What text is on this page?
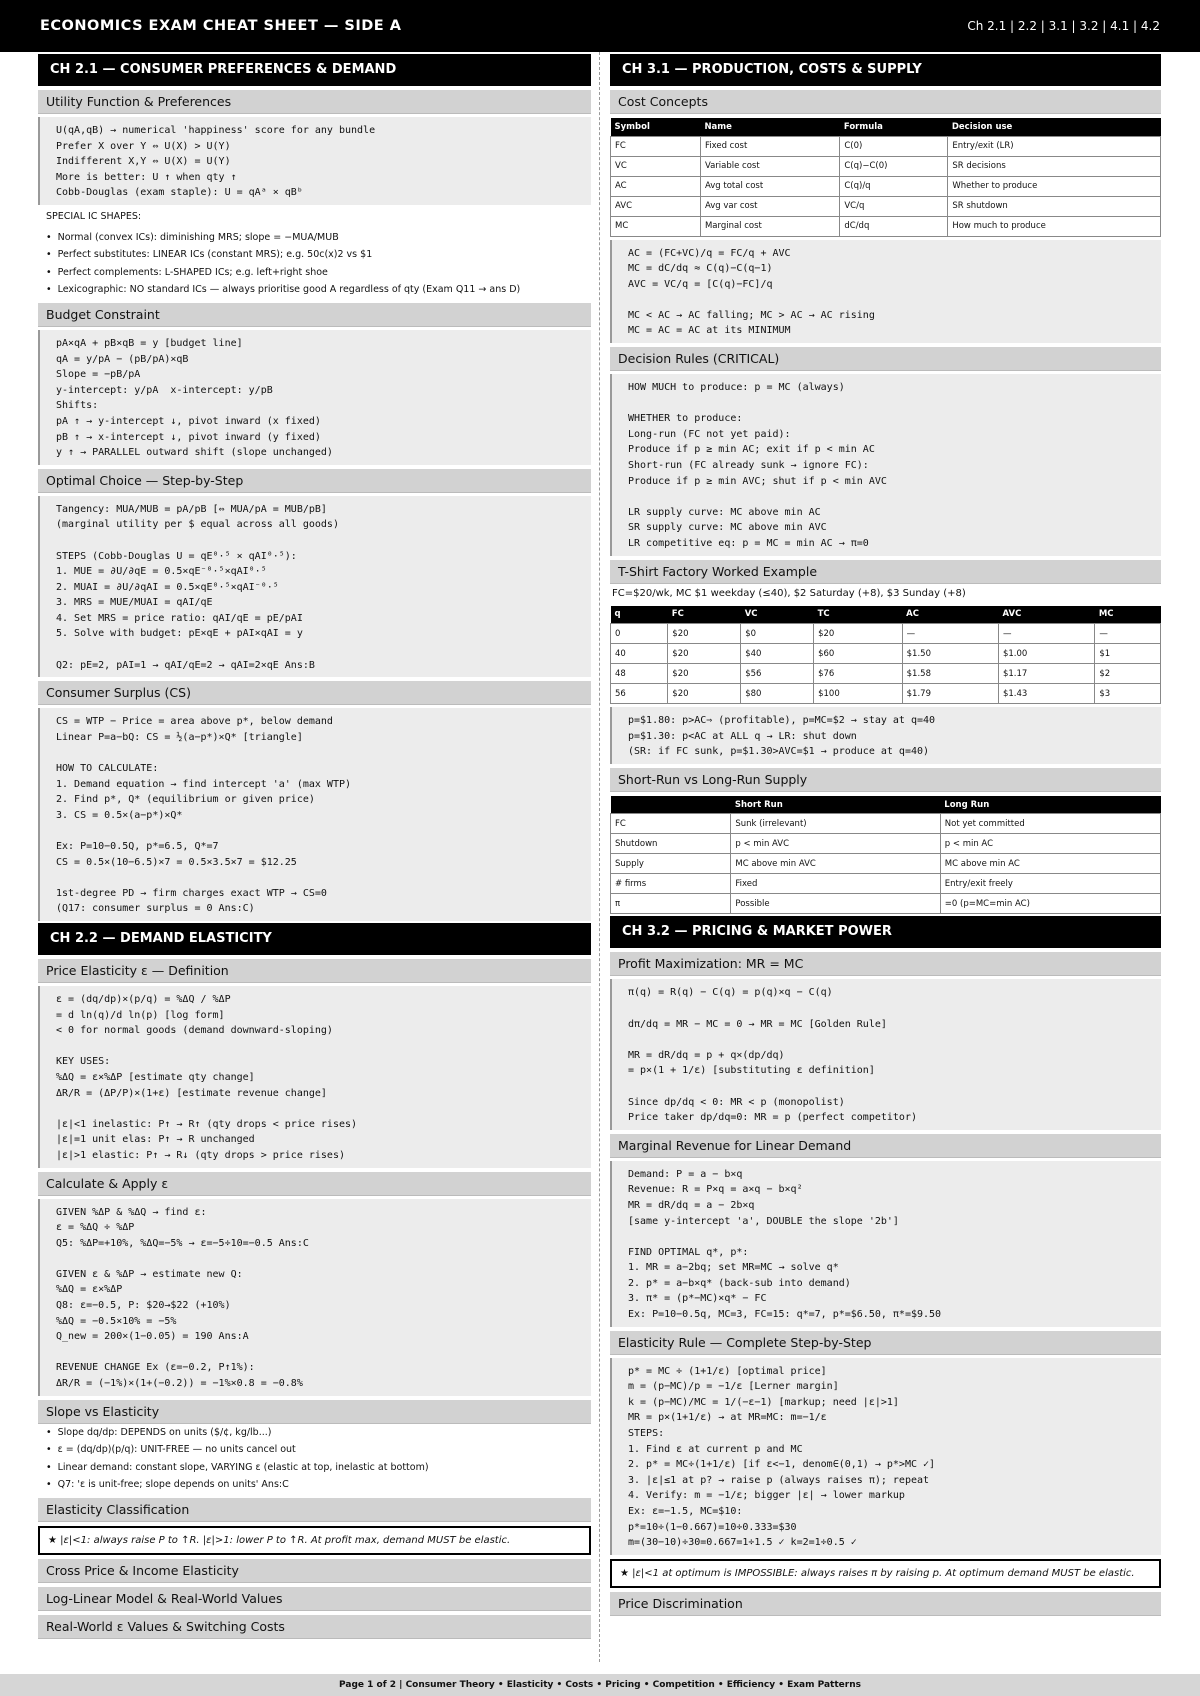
ECONOMICS EXAM CHEAT SHEET — SIDE A	Ch 2.1 | 2.2 | 3.1 | 3.2 | 4.1 | 4.2
CH 2.1 — CONSUMER PREFERENCES & DEMAND
Utility Function & Preferences
U(qA,qB) → numerical 'happiness' score for any bundle
Prefer X over Y ⇔ U(X) > U(Y)
Indifferent X,Y ⇔ U(X) = U(Y)
More is better: U ↑ when qty ↑
Cobb-Douglas (exam staple): U = qAᵃ × qBᵇ
SPECIAL IC SHAPES:
• Normal (convex ICs): diminishing MRS; slope = −MUA/MUB
• Perfect substitutes: LINEAR ICs (constant MRS); e.g. 50c(x)2 vs $1
• Perfect complements: L-SHAPED ICs; e.g. left+right shoe
• Lexicographic: NO standard ICs — always prioritise good A regardless of qty (Exam Q11 → ans D)
Budget Constraint
pA×qA + pB×qB = y [budget line]
qA = y/pA − (pB/pA)×qB
Slope = −pB/pA
y-intercept: y/pA  x-intercept: y/pB
Shifts:
pA ↑ → y-intercept ↓, pivot inward (x fixed)
pB ↑ → x-intercept ↓, pivot inward (y fixed)
y ↑ → PARALLEL outward shift (slope unchanged)
Optimal Choice — Step-by-Step
Tangency: MUA/MUB = pA/pB [⇔ MUA/pA = MUB/pB]
(marginal utility per $ equal across all goods)
STEPS (Cobb-Douglas U = qE⁰·⁵ × qAI⁰·⁵):
1. MUE = ∂U/∂qE = 0.5×qE⁻⁰·⁵×qAI⁰·⁵
2. MUAI = ∂U/∂qAI = 0.5×qE⁰·⁵×qAI⁻⁰·⁵
3. MRS = MUE/MUAI = qAI/qE
4. Set MRS = price ratio: qAI/qE = pE/pAI
5. Solve with budget: pE×qE + pAI×qAI = y
Q2: pE=2, pAI=1 → qAI/qE=2 → qAI=2×qE Ans:B
Consumer Surplus (CS)
CS = WTP − Price = area above p*, below demand
Linear P=a−bQ: CS = ½(a−p*)×Q* [triangle]
HOW TO CALCULATE:
1. Demand equation → find intercept 'a' (max WTP)
2. Find p*, Q* (equilibrium or given price)
3. CS = 0.5×(a−p*)×Q*
Ex: P=10−0.5Q, p*=6.5, Q*=7
CS = 0.5×(10−6.5)×7 = 0.5×3.5×7 = $12.25
1st-degree PD → firm charges exact WTP → CS=0
(Q17: consumer surplus = 0 Ans:C)
CH 2.2 — DEMAND ELASTICITY
Price Elasticity ε — Definition
ε = (dq/dp)×(p/q) = %ΔQ / %ΔP
= d ln(q)/d ln(p) [log form]
< 0 for normal goods (demand downward-sloping)
KEY USES:
%ΔQ = ε×%ΔP [estimate qty change]
ΔR/R = (ΔP/P)×(1+ε) [estimate revenue change]
|ε|<1 inelastic: P↑ → R↑ (qty drops < price rises)
|ε|=1 unit elas: P↑ → R unchanged
|ε|>1 elastic: P↑ → R↓ (qty drops > price rises)
Calculate & Apply ε
GIVEN %ΔP & %ΔQ → find ε:
ε = %ΔQ ÷ %ΔP
Q5: %ΔP=+10%, %ΔQ=−5% → ε=−5÷10=−0.5 Ans:C
GIVEN ε & %ΔP → estimate new Q:
%ΔQ = ε×%ΔP
Q8: ε=−0.5, P: $20→$22 (+10%)
%ΔQ = −0.5×10% = −5%
Q_new = 200×(1−0.05) = 190 Ans:A
REVENUE CHANGE Ex (ε=−0.2, P↑1%):
ΔR/R = (−1%)×(1+(−0.2)) = −1%×0.8 = −0.8%
Slope vs Elasticity
• Slope dq/dp: DEPENDS on units ($/¢, kg/lb...)
• ε = (dq/dp)(p/q): UNIT-FREE — no units cancel out
• Linear demand: constant slope, VARYING ε (elastic at top, inelastic at bottom)
• Q7: 'ε is unit-free; slope depends on units' Ans:C
Elasticity Classification
★ |ε|<1: always raise P to ↑R. |ε|>1: lower P to ↑R. At profit max, demand MUST be elastic.
Cross Price & Income Elasticity
Log-Linear Model & Real-World Values
Real-World ε Values & Switching Costs
CH 3.1 — PRODUCTION, COSTS & SUPPLY
Cost Concepts
Symbol	Name	Formula	Decision use
FC	Fixed cost	C(0)	Entry/exit (LR)
VC	Variable cost	C(q)−C(0)	SR decisions
AC	Avg total cost	C(q)/q	Whether to produce
AVC	Avg var cost	VC/q	SR shutdown
MC	Marginal cost	dC/dq	How much to produce
AC = (FC+VC)/q = FC/q + AVC
MC = dC/dq ≈ C(q)−C(q−1)
AVC = VC/q = [C(q)−FC]/q
MC < AC → AC falling; MC > AC → AC rising
MC = AC = AC at its MINIMUM
Decision Rules (CRITICAL)
HOW MUCH to produce: p = MC (always)
WHETHER to produce:
Long-run (FC not yet paid):
Produce if p ≥ min AC; exit if p < min AC
Short-run (FC already sunk → ignore FC):
Produce if p ≥ min AVC; shut if p < min AVC
LR supply curve: MC above min AC
SR supply curve: MC above min AVC
LR competitive eq: p = MC = min AC → π=0
T-Shirt Factory Worked Example
FC=$20/wk, MC $1 weekday (≤40), $2 Saturday (+8), $3 Sunday (+8)
q	FC	VC	TC	AC	AVC	MC
0	$20	$0	$20	—	—	—
40	$20	$40	$60	$1.50	$1.00	$1
48	$20	$56	$76	$1.58	$1.17	$2
56	$20	$80	$100	$1.79	$1.43	$3
p=$1.80: p>AC⇒ (profitable), p=MC=$2 → stay at q=40
p=$1.30: p<AC at ALL q → LR: shut down
(SR: if FC sunk, p=$1.30>AVC=$1 → produce at q=40)
Short-Run vs Long-Run Supply
	Short Run	Long Run
FC	Sunk (irrelevant)	Not yet committed
Shutdown	p < min AVC	p < min AC
Supply	MC above min AVC	MC above min AC
# firms	Fixed	Entry/exit freely
π	Possible	=0 (p=MC=min AC)
CH 3.2 — PRICING & MARKET POWER
Profit Maximization: MR = MC
π(q) = R(q) − C(q) = p(q)×q − C(q)
dπ/dq = MR − MC = 0 → MR = MC [Golden Rule]
MR = dR/dq = p + q×(dp/dq)
= p×(1 + 1/ε) [substituting ε definition]
Since dp/dq < 0: MR < p (monopolist)
Price taker dp/dq=0: MR = p (perfect competitor)
Marginal Revenue for Linear Demand
Demand: P = a − b×q
Revenue: R = P×q = a×q − b×q²
MR = dR/dq = a − 2b×q
[same y-intercept 'a', DOUBLE the slope '2b']
FIND OPTIMAL q*, p*:
1. MR = a−2bq; set MR=MC → solve q*
2. p* = a−b×q* (back-sub into demand)
3. π* = (p*−MC)×q* − FC
Ex: P=10−0.5q, MC=3, FC=15: q*=7, p*=$6.50, π*=$9.50
Elasticity Rule — Complete Step-by-Step
p* = MC ÷ (1+1/ε) [optimal price]
m = (p−MC)/p = −1/ε [Lerner margin]
k = (p−MC)/MC = 1/(−ε−1) [markup; need |ε|>1]
MR = p×(1+1/ε) → at MR=MC: m=−1/ε
STEPS:
1. Find ε at current p and MC
2. p* = MC÷(1+1/ε) [if ε<−1, denom∈(0,1) → p*>MC ✓]
3. |ε|≤1 at p? → raise p (always raises π); repeat
4. Verify: m = −1/ε; bigger |ε| → lower markup
Ex: ε=−1.5, MC=$10:
p*=10÷(1−0.667)=10÷0.333=$30
m=(30−10)÷30=0.667=1÷1.5 ✓ k=2=1÷0.5 ✓
★ |ε|<1 at optimum is IMPOSSIBLE: always raises π by raising p. At optimum demand MUST be elastic.
Price Discrimination
Page 1 of 2 | Consumer Theory • Elasticity • Costs • Pricing • Competition • Efficiency • Exam Patterns
